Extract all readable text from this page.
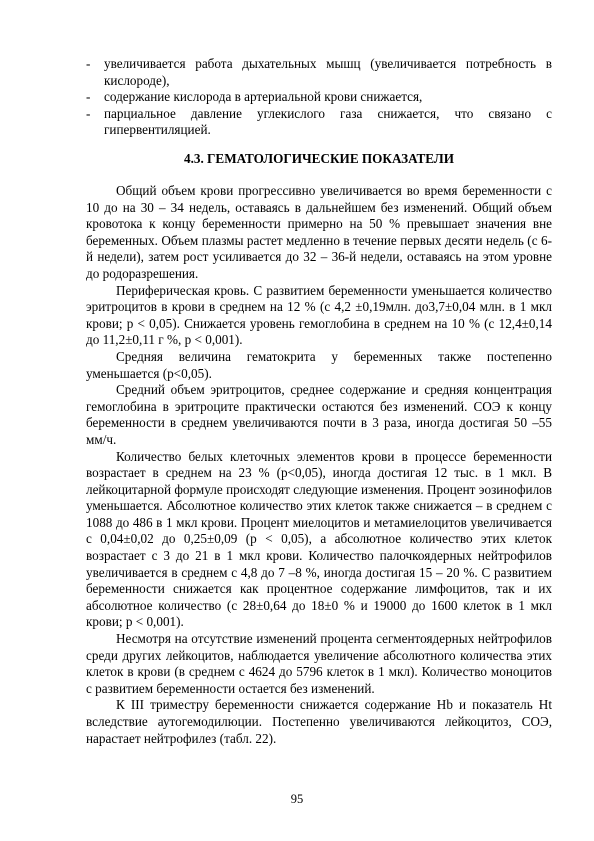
- увеличивается работа дыхательных мышц (увеличивается потребность в кислороде),
- содержание кислорода в артериальной крови снижается,
- парциальное давление углекислого газа снижается, что связано с гипервентиляцией.
4.3. ГЕМАТОЛОГИЧЕСКИЕ ПОКАЗАТЕЛИ

Общий объем крови прогрессивно увеличивается во время беременности с 10 до на 30 – 34 недель, оставаясь в дальнейшем без изменений. Общий объем кровотока к концу беременности примерно на 50 % превышает значения вне беременных. Объем плазмы растет медленно в течение первых десяти недель (с 6-й недели), затем рост усиливается до 32 – 36-й недели, оставаясь на этом уровне до родоразрешения.

Периферическая кровь. С развитием беременности уменьшается количество эритроцитов в крови в среднем на 12 % (с 4,2 ±0,19млн. до3,7±0,04 млн. в 1 мкл крови; р < 0,05). Снижается уровень гемоглобина в среднем на 10 % (с 12,4±0,14 до 11,2±0,11 г %, р < 0,001).

Средняя величина гематокрита у беременных также постепенно уменьшается (р<0,05).

Средний объем эритроцитов, среднее содержание и средняя концентрация гемоглобина в эритроците практически остаются без изменений. СОЭ к концу беременности в среднем увеличиваются почти в 3 раза, иногда достигая 50 –55 мм/ч.

Количество белых клеточных элементов крови в процессе беременности возрастает в среднем на 23 % (р<0,05), иногда достигая 12 тыс. в 1 мкл. В лейкоцитарной формуле происходят следующие изменения. Процент эозинофилов уменьшается. Абсолютное количество этих клеток также снижается – в среднем с 1088 до 486 в 1 мкл крови. Процент миелоцитов и метамиелоцитов увеличивается с 0,04±0,02 до 0,25±0,09 (р < 0,05), а абсолютное количество этих клеток возрастает с 3 до 21 в 1 мкл крови. Количество палочкоядерных нейтрофилов увеличивается в среднем с 4,8 до 7 –8 %, иногда достигая 15 – 20 %. С развитием беременности снижается как процентное содержание лимфоцитов, так и их абсолютное количество (с 28±0,64 до 18±0 % и 19000 до 1600 клеток в 1 мкл крови; р < 0,001).

Несмотря на отсутствие изменений процента сегментоядерных нейтрофилов среди других лейкоцитов, наблюдается увеличение абсолютного количества этих клеток в крови (в среднем с 4624 до 5796 клеток в 1 мкл). Количество моноцитов с развитием беременности остается без изменений.

К III триместру беременности снижается содержание Hb и показатель Ht вследствие аутогемодилюции. Постепенно увеличиваются лейкоцитоз, СОЭ, нарастает нейтрофилез (табл. 22).

95
